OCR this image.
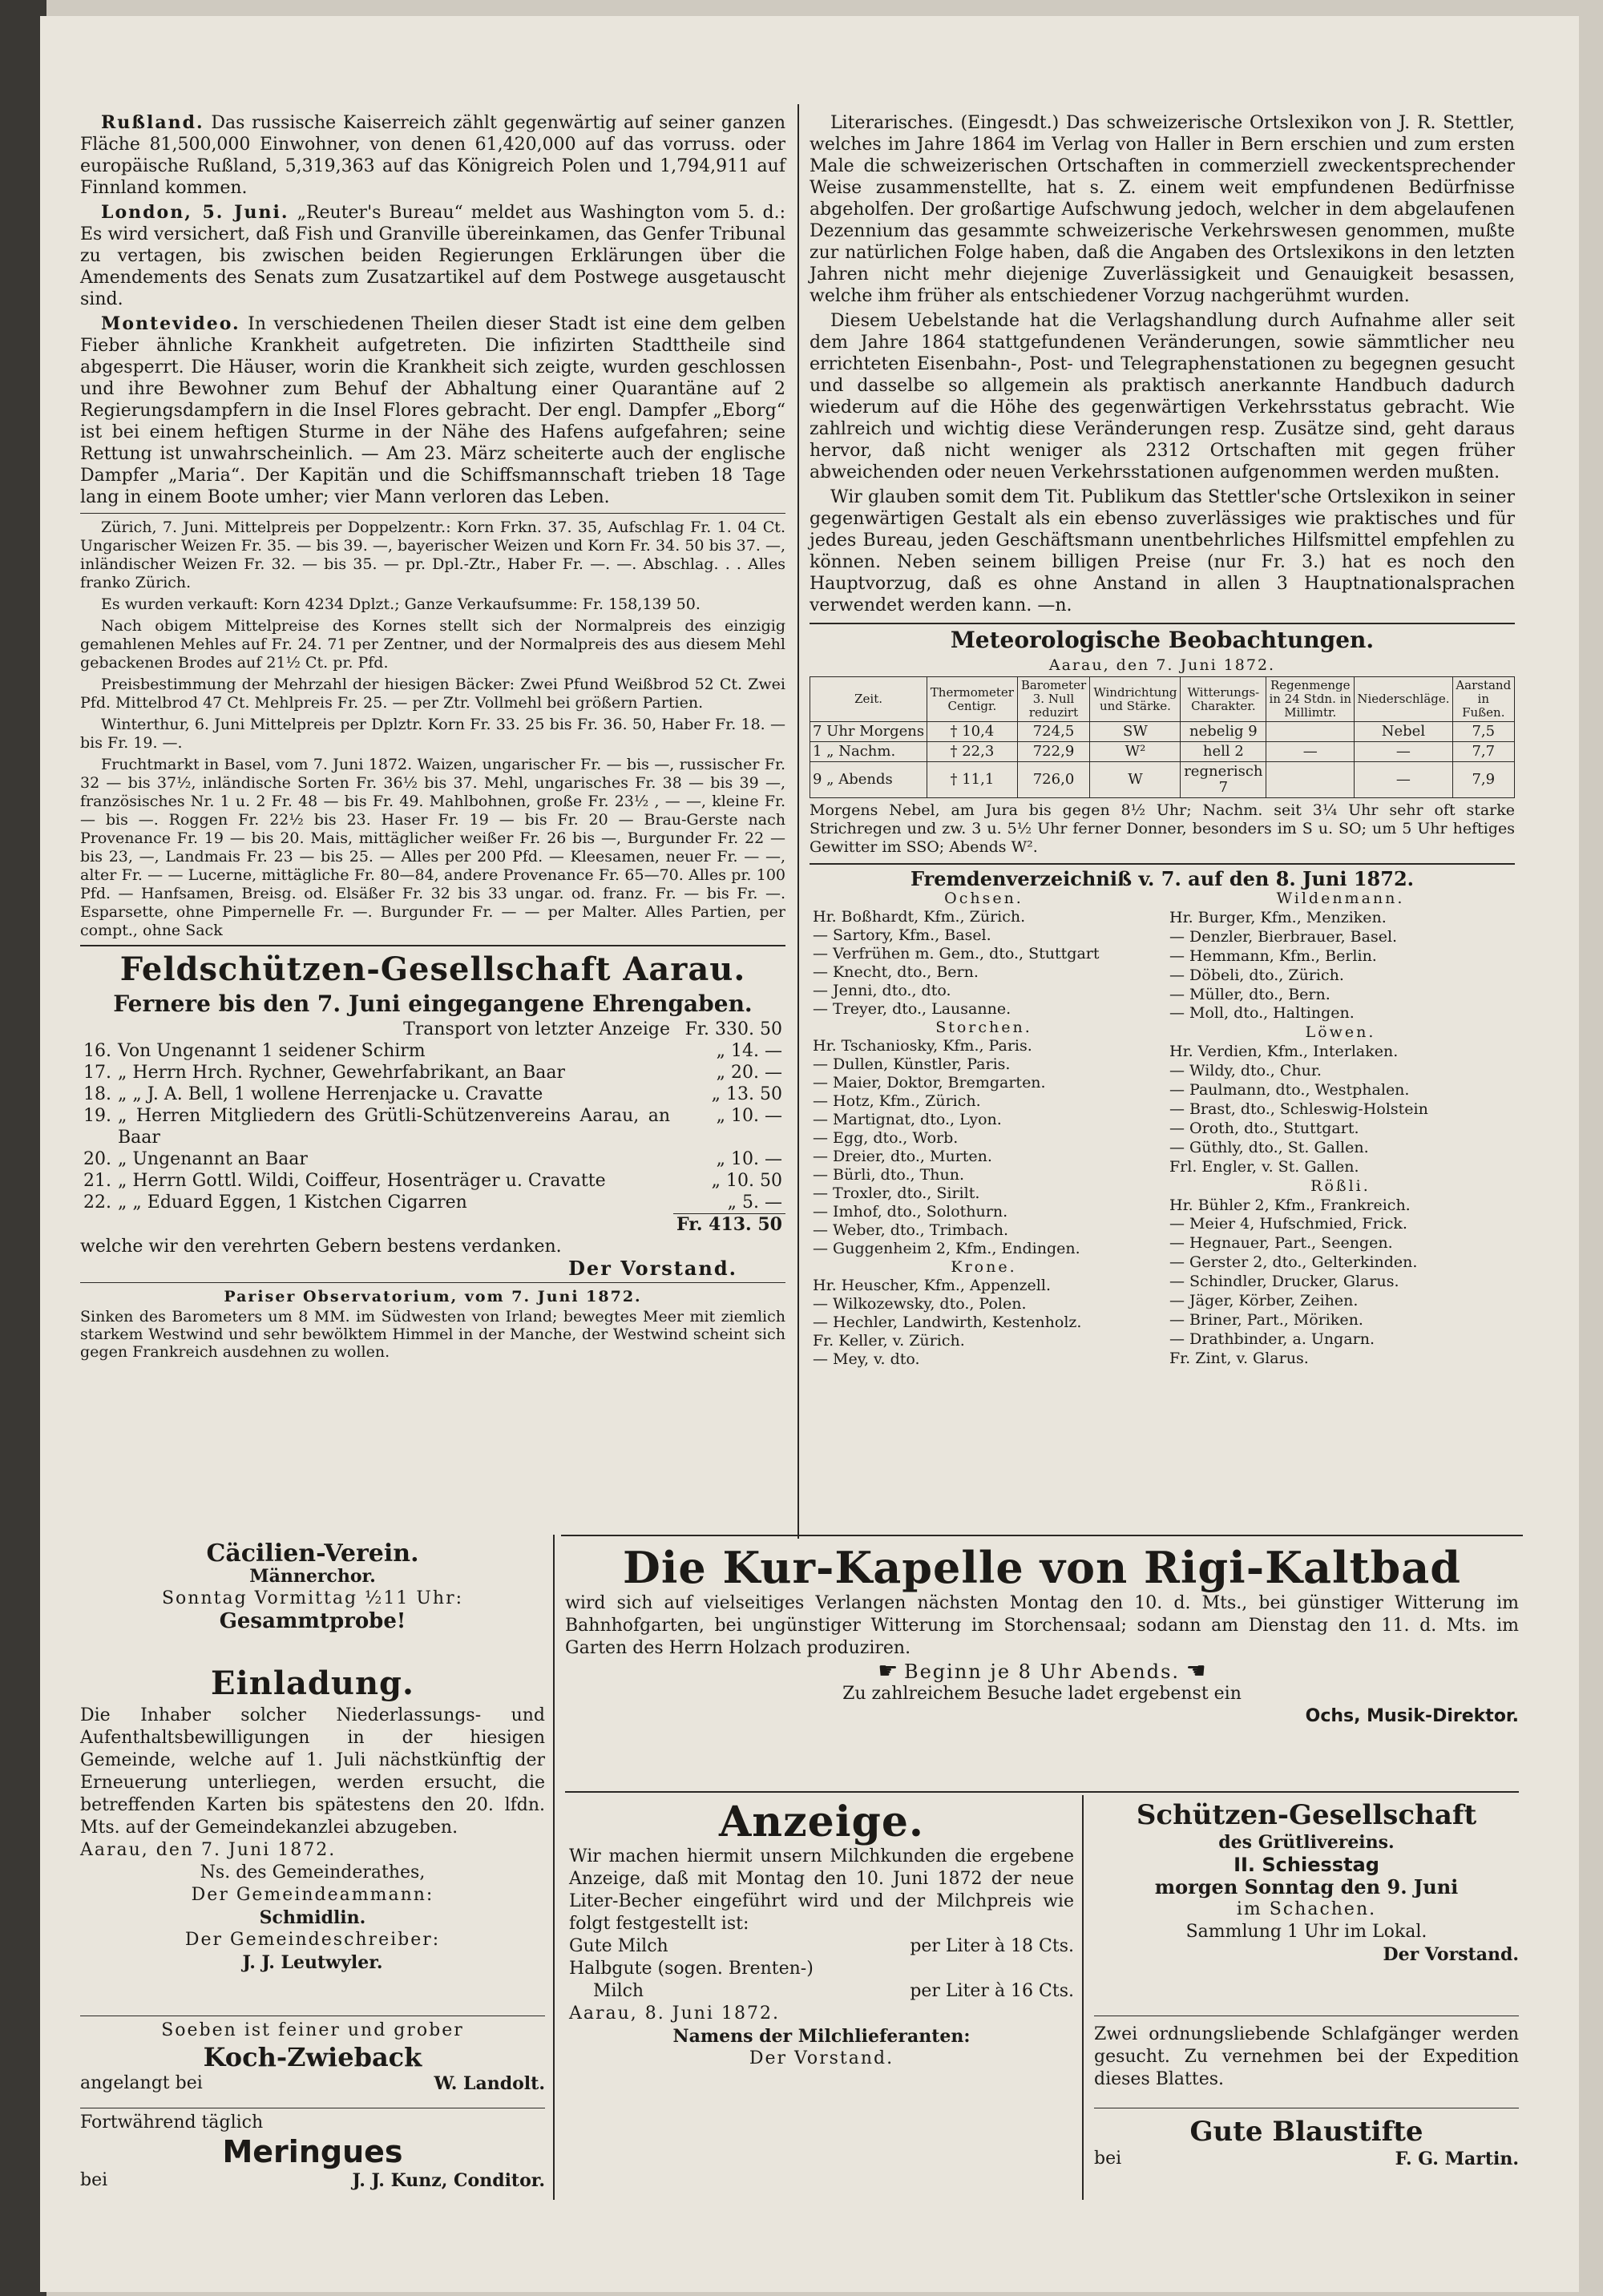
Rußland. Das russische Kaiserreich zählt gegenwärtig auf seiner ganzen Fläche 81,500,000 Einwohner, von denen 61,420,000 auf das vorruss. oder europäische Rußland, 5,319,363 auf das Königreich Polen und 1,794,911 auf Finnland kommen.

London, 5. Juni. „Reuter's Bureau“ meldet aus Washington vom 5. d.: Es wird versichert, daß Fish und Granville übereinkamen, das Genfer Tribunal zu vertagen, bis zwischen beiden Regierungen Erklärungen über die Amendements des Senats zum Zusatzartikel auf dem Postwege ausgetauscht sind.

Montevideo. In verschiedenen Theilen dieser Stadt ist eine dem gelben Fieber ähnliche Krankheit aufgetreten. Die infizirten Stadttheile sind abgesperrt. Die Häuser, worin die Krankheit sich zeigte, wurden geschlossen und ihre Bewohner zum Behuf der Abhaltung einer Quarantäne auf 2 Regierungsdampfern in die Insel Flores gebracht. Der engl. Dampfer „Eborg“ ist bei einem heftigen Sturme in der Nähe des Hafens aufgefahren; seine Rettung ist unwahrscheinlich. — Am 23. März scheiterte auch der englische Dampfer „Maria“. Der Kapitän und die Schiffsmannschaft trieben 18 Tage lang in einem Boote umher; vier Mann verloren das Leben.

Zürich, 7. Juni. Mittelpreis per Doppelzentr.: Korn Frkn. 37. 35, Aufschlag Fr. 1. 04 Ct. Ungarischer Weizen Fr. 35. — bis 39. —, bayerischer Weizen und Korn Fr. 34. 50 bis 37. —, inländischer Weizen Fr. 32. — bis 35. — pr. Dpl.-Ztr., Haber Fr. —. —. Abschlag. . . Alles franko Zürich.

Es wurden verkauft: Korn 4234 Dplzt.; Ganze Verkaufsumme: Fr. 158,139 50.

Nach obigem Mittelpreise des Kornes stellt sich der Normalpreis des einzigig gemahlenen Mehles auf Fr. 24. 71 per Zentner, und der Normalpreis des aus diesem Mehl gebackenen Brodes auf 21½ Ct. pr. Pfd.

Preisbestimmung der Mehrzahl der hiesigen Bäcker: Zwei Pfund Weißbrod 52 Ct. Zwei Pfd. Mittelbrod 47 Ct. Mehlpreis Fr. 25. — per Ztr. Vollmehl bei größern Partien.

Winterthur, 6. Juni Mittelpreis per Dplztr. Korn Fr. 33. 25 bis Fr. 36. 50, Haber Fr. 18. — bis Fr. 19. —.

Fruchtmarkt in Basel, vom 7. Juni 1872. Waizen, ungarischer Fr. — bis —, russischer Fr. 32 — bis 37½, inländische Sorten Fr. 36½ bis 37. Mehl, ungarisches Fr. 38 — bis 39 —, französisches Nr. 1 u. 2 Fr. 48 — bis Fr. 49. Mahlbohnen, große Fr. 23½ , — —, kleine Fr. — bis —. Roggen Fr. 22½ bis 23. Haser Fr. 19 — bis Fr. 20 — Brau-Gerste nach Provenance Fr. 19 — bis 20. Mais, mittäglicher weißer Fr. 26 bis —, Burgunder Fr. 22 — bis 23, —, Landmais Fr. 23 — bis 25. — Alles per 200 Pfd. — Kleesamen, neuer Fr. — —, alter Fr. — — Lucerne, mittägliche Fr. 80—84, andere Provenance Fr. 65—70. Alles pr. 100 Pfd. — Hanfsamen, Breisg. od. Elsäßer Fr. 32 bis 33 ungar. od. franz. Fr. — bis Fr. —. Esparsette, ohne Pimpernelle Fr. —. Burgunder Fr. — — per Malter. Alles Partien, per compt., ohne Sack

Feldschützen-Gesellschaft Aarau.
Fernere bis den 7. Juni eingegangene Ehrengaben.
	Transport von letzter Anzeige	Fr. 330. 50
16.	Von Ungenannt 1 seidener Schirm	„ 14. —
17.	„ Herrn Hrch. Rychner, Gewehrfabrikant, an Baar	„ 20. —
18.	„ „ J. A. Bell, 1 wollene Herrenjacke u. Cravatte	„ 13. 50
19.	„ Herren Mitgliedern des Grütli-Schützenvereins Aarau, an Baar	„ 10. —
20.	„ Ungenannt an Baar	„ 10. —
21.	„ Herrn Gottl. Wildi, Coiffeur, Hosenträger u. Cravatte	„ 10. 50
22.	„ „ Eduard Eggen, 1 Kistchen Cigarren	„ 5. —
		Fr. 413. 50
welche wir den verehrten Gebern bestens verdanken.
Der Vorstand.
Pariser Observatorium, vom 7. Juni 1872.
Sinken des Barometers um 8 MM. im Südwesten von Irland; bewegtes Meer mit ziemlich starkem Westwind und sehr bewölktem Himmel in der Manche, der Westwind scheint sich gegen Frankreich ausdehnen zu wollen.

Literarisches. (Eingesdt.) Das schweizerische Ortslexikon von J. R. Stettler, welches im Jahre 1864 im Verlag von Haller in Bern erschien und zum ersten Male die schweizerischen Ortschaften in commerziell zweckentsprechender Weise zusammenstellte, hat s. Z. einem weit empfundenen Bedürfnisse abgeholfen. Der großartige Aufschwung jedoch, welcher in dem abgelaufenen Dezennium das gesammte schweizerische Verkehrswesen genommen, mußte zur natürlichen Folge haben, daß die Angaben des Ortslexikons in den letzten Jahren nicht mehr diejenige Zuverlässigkeit und Genauigkeit besassen, welche ihm früher als entschiedener Vorzug nachgerühmt wurden.

Diesem Uebelstande hat die Verlagshandlung durch Aufnahme aller seit dem Jahre 1864 stattgefundenen Veränderungen, sowie sämmtlicher neu errichteten Eisenbahn-, Post- und Telegraphenstationen zu begegnen gesucht und dasselbe so allgemein als praktisch anerkannte Handbuch dadurch wiederum auf die Höhe des gegenwärtigen Verkehrsstatus gebracht. Wie zahlreich und wichtig diese Veränderungen resp. Zusätze sind, geht daraus hervor, daß nicht weniger als 2312 Ortschaften mit gegen früher abweichenden oder neuen Verkehrsstationen aufgenommen werden mußten.

Wir glauben somit dem Tit. Publikum das Stettler'sche Ortslexikon in seiner gegenwärtigen Gestalt als ein ebenso zuverlässiges wie praktisches und für jedes Bureau, jeden Geschäftsmann unentbehrliches Hilfsmittel empfehlen zu können. Neben seinem billigen Preise (nur Fr. 3.) hat es noch den Hauptvorzug, daß es ohne Anstand in allen 3 Hauptnationalsprachen verwendet werden kann. —n.

Meteorologische Beobachtungen.
Aarau, den 7. Juni 1872.
Zeit.	Thermometer Centigr.	Barometer 3. Null reduzirt	Windrichtung und Stärke.	Witterungs-Charakter.	Regenmenge in 24 Stdn. in Millimtr.	Niederschläge.	Aarstand in Fußen.
7 Uhr Morgens	† 10,4	724,5	SW	nebelig 9		Nebel	7,5
1 „ Nachm.	† 22,3	722,9	W²	hell 2	—	—	7,7
9 „ Abends	† 11,1	726,0	W	regnerisch 7		—	7,9
Morgens Nebel, am Jura bis gegen 8½ Uhr; Nachm. seit 3¼ Uhr sehr oft starke Strichregen und zw. 3 u. 5½ Uhr ferner Donner, besonders im S u. SO; um 5 Uhr heftiges Gewitter im SSO; Abends W².
Fremdenverzeichniß v. 7. auf den 8. Juni 1872.
Ochsen.
Hr. Boßhardt, Kfm., Zürich.
— Sartory, Kfm., Basel.
— Verfrühen m. Gem., dto., Stuttgart
— Knecht, dto., Bern.
— Jenni, dto., dto.
— Treyer, dto., Lausanne.
Storchen.
Hr. Tschaniosky, Kfm., Paris.
— Dullen, Künstler, Paris.
— Maier, Doktor, Bremgarten.
— Hotz, Kfm., Zürich.
— Martignat, dto., Lyon.
— Egg, dto., Worb.
— Dreier, dto., Murten.
— Bürli, dto., Thun.
— Troxler, dto., Sirilt.
— Imhof, dto., Solothurn.
— Weber, dto., Trimbach.
— Guggenheim 2, Kfm., Endingen.
Krone.
Hr. Heuscher, Kfm., Appenzell.
— Wilkozewsky, dto., Polen.
— Hechler, Landwirth, Kestenholz.
Fr. Keller, v. Zürich.
— Mey, v. dto.
Wildenmann.
Hr. Burger, Kfm., Menziken.
— Denzler, Bierbrauer, Basel.
— Hemmann, Kfm., Berlin.
— Döbeli, dto., Zürich.
— Müller, dto., Bern.
— Moll, dto., Haltingen.
Löwen.
Hr. Verdien, Kfm., Interlaken.
— Wildy, dto., Chur.
— Paulmann, dto., Westphalen.
— Brast, dto., Schleswig-Holstein
— Oroth, dto., Stuttgart.
— Güthly, dto., St. Gallen.
Frl. Engler, v. St. Gallen.
Rößli.
Hr. Bühler 2, Kfm., Frankreich.
— Meier 4, Hufschmied, Frick.
— Hegnauer, Part., Seengen.
— Gerster 2, dto., Gelterkinden.
— Schindler, Drucker, Glarus.
— Jäger, Körber, Zeihen.
— Briner, Part., Möriken.
— Drathbinder, a. Ungarn.
Fr. Zint, v. Glarus.
Cäcilien-Verein.
Männerchor.
Sonntag Vormittag ½11 Uhr:
Gesammtprobe!
Einladung.
Die Inhaber solcher Niederlassungs- und Aufenthaltsbewilligungen in der hiesigen Gemeinde, welche auf 1. Juli nächstkünftig der Erneuerung unterliegen, werden ersucht, die betreffenden Karten bis spätestens den 20. lfdn. Mts. auf der Gemeindekanzlei abzugeben.
Aarau, den 7. Juni 1872.
Ns. des Gemeinderathes,
Der Gemeindeammann:
Schmidlin.
Der Gemeindeschreiber:
J. J. Leutwyler.
Soeben ist feiner und grober
Koch-Zwieback
angelangt bei	W. Landolt.
Fortwährend täglich
Meringues
bei	J. J. Kunz, Conditor.
Die Kur-Kapelle von Rigi-Kaltbad
wird sich auf vielseitiges Verlangen nächsten Montag den 10. d. Mts., bei günstiger Witterung im Bahnhofgarten, bei ungünstiger Witterung im Storchensaal; sodann am Dienstag den 11. d. Mts. im Garten des Herrn Holzach produziren.
☛ Beginn je 8 Uhr Abends. ☚
Zu zahlreichem Besuche ladet ergebenst ein
Ochs, Musik-Direktor.
Anzeige.
Wir machen hiermit unsern Milchkunden die ergebene Anzeige, daß mit Montag den 10. Juni 1872 der neue Liter-Becher eingeführt wird und der Milchpreis wie folgt festgestellt ist:
Gute Milch	per Liter à 18 Cts.
Halbgute (sogen. Brenten-)
Milch	per Liter à 16 Cts.
Aarau, 8. Juni 1872.
Namens der Milchlieferanten:
Der Vorstand.
Schützen-Gesellschaft
des Grütlivereins.
II. Schiesstag
morgen Sonntag den 9. Juni
im Schachen.
Sammlung 1 Uhr im Lokal.
Der Vorstand.
Zwei ordnungsliebende Schlafgänger werden gesucht. Zu vernehmen bei der Expedition dieses Blattes.
Gute Blaustifte
bei	F. G. Martin.
